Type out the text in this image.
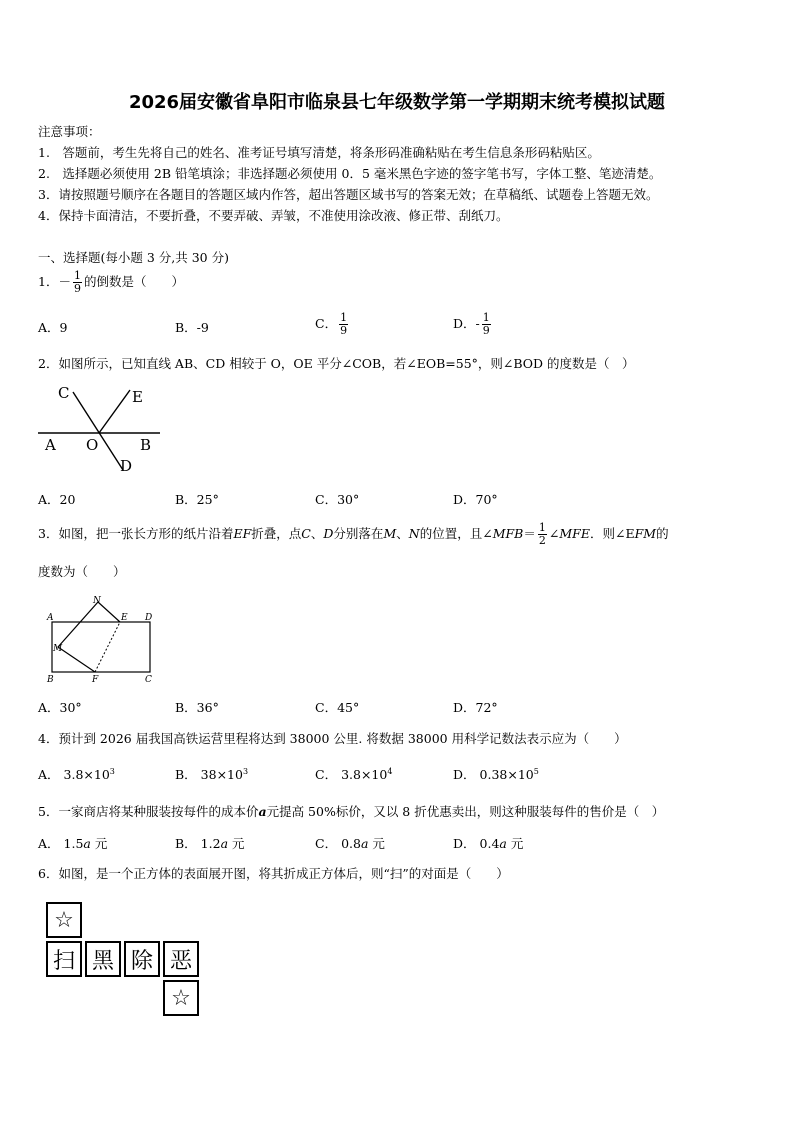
2026届安徽省阜阳市临泉县七年级数学第一学期期末统考模拟试题
注意事项：
1.　答题前，考生先将自己的姓名、准考证号填写清楚，将条形码准确粘贴在考生信息条形码粘贴区。
2.　选择题必须使用 2B 铅笔填涂；非选择题必须使用 0．5 毫米黑色字迹的签字笔书写，字体工整、笔迹清楚。
3．请按照题号顺序在各题目的答题区域内作答，超出答题区域书写的答案无效；在草稿纸、试题卷上答题无效。
4．保持卡面清洁，不要折叠，不要弄破、弄皱，不准使用涂改液、修正带、刮纸刀。
一、选择题(每小题 3 分,共 30 分)
1．－ $\frac{1}{9}$ 的倒数是（　　）
A．9	B．-9	C． $\frac{1}{9}$	D．- $\frac{1}{9}$
2．如图所示，已知直线 AB、CD 相较于 O，OE 平分∠COB，若∠EOB=55°，则∠BOD 的度数是（　）
C	E
A O	B
D
A．20	B．25°	C．30°	D．70°
3．如图，把一张长方形的纸片沿着EF折叠，点C、D分别落在M、N的位置，且∠MFB＝ $\frac{1}{2}$ ∠MFE．则∠EFM的
度数为（　　）
A
N
E D
M
B	F	C
A．30°	B．36°	C．45°	D．72°
4．预计到 2026 届我国高铁运营里程将达到 38000 公里. 将数据 38000 用科学记数法表示应为（　　）
A． $3.8\times 10^3$	B． $38\times 10^3$	C． $3.8\times 10^4$	D． $0.38\times 10^5$
5．一家商店将某种服装按每件的成本价a元提高 50%标价，又以 8 折优惠卖出，则这种服装每件的售价是（　）
A． 1.5a 元	B． 1.2a 元	C． 0.8a 元	D． 0.4a 元
6．如图，是一个正方体的表面展开图，将其折成正方体后，则“扫”的对面是（　　）
☆
扫 黑 除 恶
☆
